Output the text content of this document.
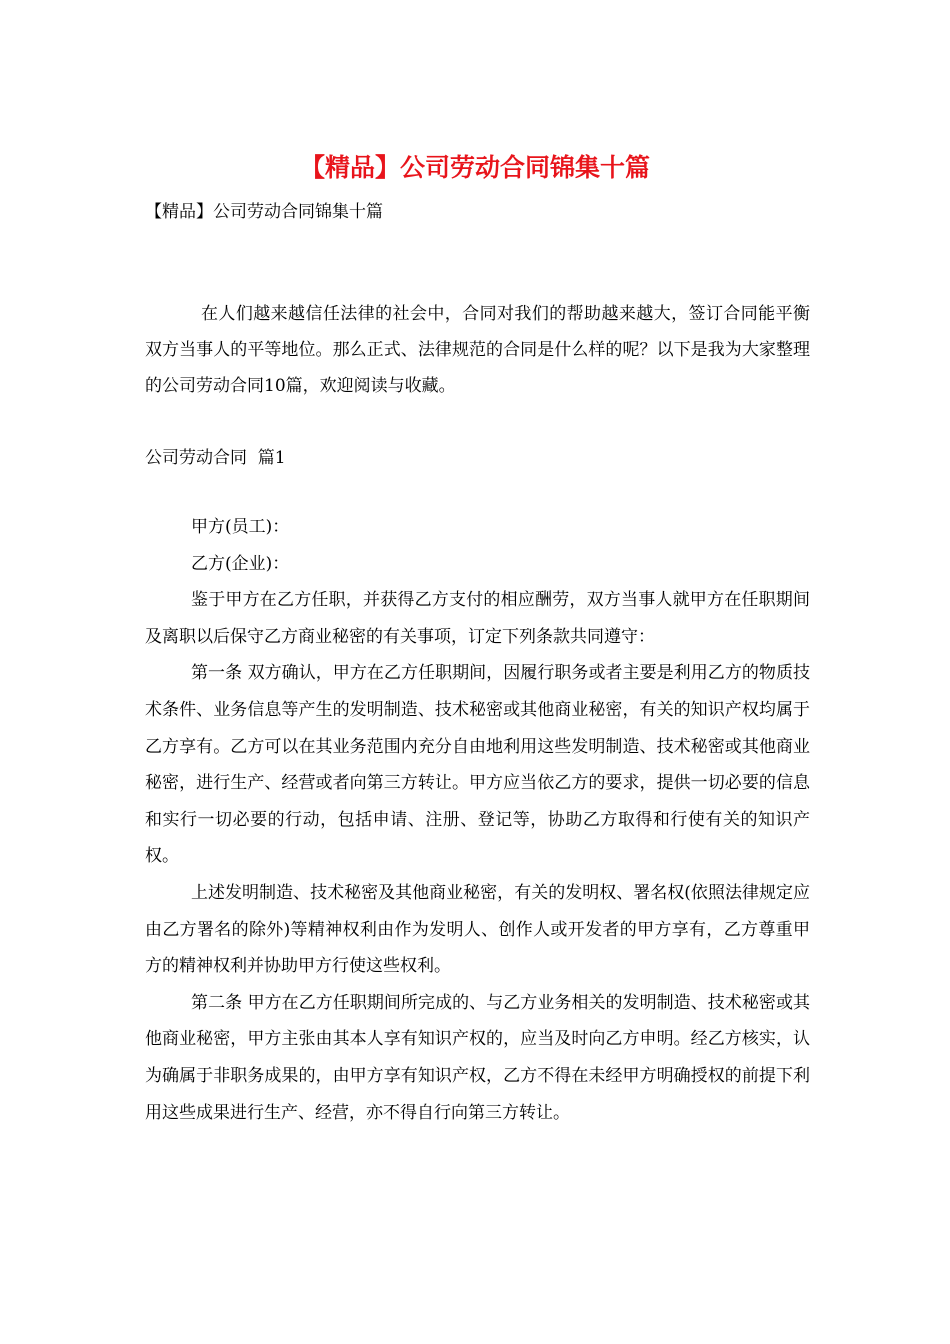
【精品】公司劳动合同锦集十篇
【精品】公司劳动合同锦集十篇
在人们越来越信任法律的社会中，合同对我们的帮助越来越大，签订合同能平衡双方当事人的平等地位。那么正式、法律规范的合同是什么样的呢？以下是我为大家整理的公司劳动合同10篇，欢迎阅读与收藏。
公司劳动合同  篇1

甲方(员工)：

乙方(企业)：

鉴于甲方在乙方任职，并获得乙方支付的相应酬劳，双方当事人就甲方在任职期间及离职以后保守乙方商业秘密的有关事项，订定下列条款共同遵守：

第一条 双方确认，甲方在乙方任职期间，因履行职务或者主要是利用乙方的物质技术条件、业务信息等产生的发明制造、技术秘密或其他商业秘密，有关的知识产权均属于乙方享有。乙方可以在其业务范围内充分自由地利用这些发明制造、技术秘密或其他商业秘密，进行生产、经营或者向第三方转让。甲方应当依乙方的要求，提供一切必要的信息和实行一切必要的行动，包括申请、注册、登记等，协助乙方取得和行使有关的知识产权。

上述发明制造、技术秘密及其他商业秘密，有关的发明权、署名权(依照法律规定应由乙方署名的除外)等精神权利由作为发明人、创作人或开发者的甲方享有，乙方尊重甲方的精神权利并协助甲方行使这些权利。

第二条 甲方在乙方任职期间所完成的、与乙方业务相关的发明制造、技术秘密或其他商业秘密，甲方主张由其本人享有知识产权的，应当及时向乙方申明。经乙方核实，认为确属于非职务成果的，由甲方享有知识产权，乙方不得在未经甲方明确授权的前提下利用这些成果进行生产、经营，亦不得自行向第三方转让。
